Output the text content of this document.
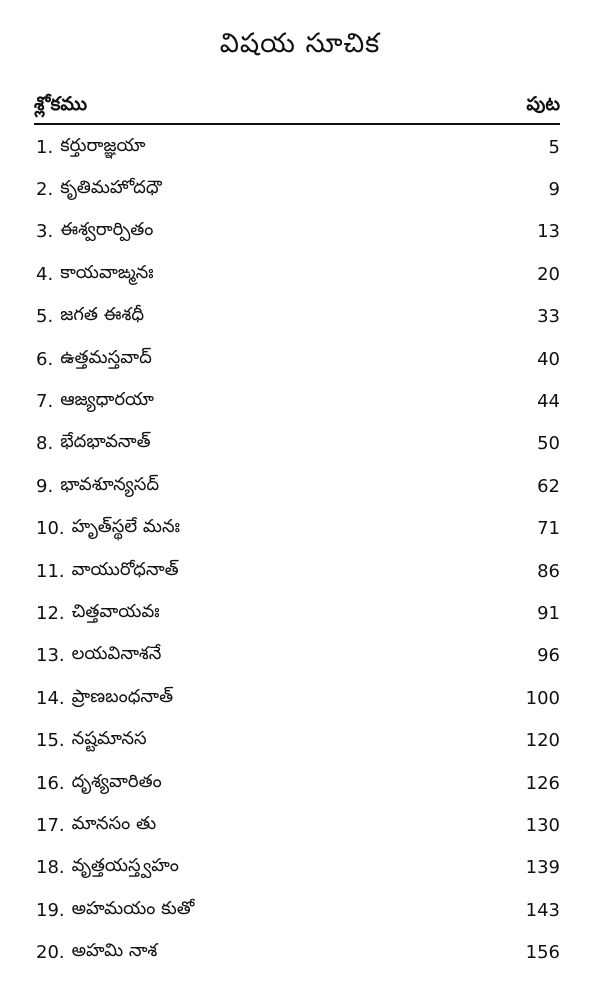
విషయ సూచిక
శ్లోకము	పుట
1. కర్తురాజ్ఞయా	5
2. కృతిమహోదధౌ	9
3. ఈశ్వరార్పితం	13
4. కాయవాఙ్మనః	20
5. జగత ఈశధీ	33
6. ఉత్తమస్తవాద్	40
7. ఆజ్యధారయా	44
8. భేదభావనాత్	50
9. భావశూన్యసద్	62
10. హృత్‌స్థలే మనః	71
11. వాయురోధనాత్	86
12. చిత్తవాయవః	91
13. లయవినాశనే	96
14. ప్రాణబంధనాత్	100
15. నష్టమానస	120
16. దృశ్యవారితం	126
17. మానసం తు	130
18. వృత్తయస్త్వహం	139
19. అహమయం కుతో	143
20. అహమి నాశ	156
